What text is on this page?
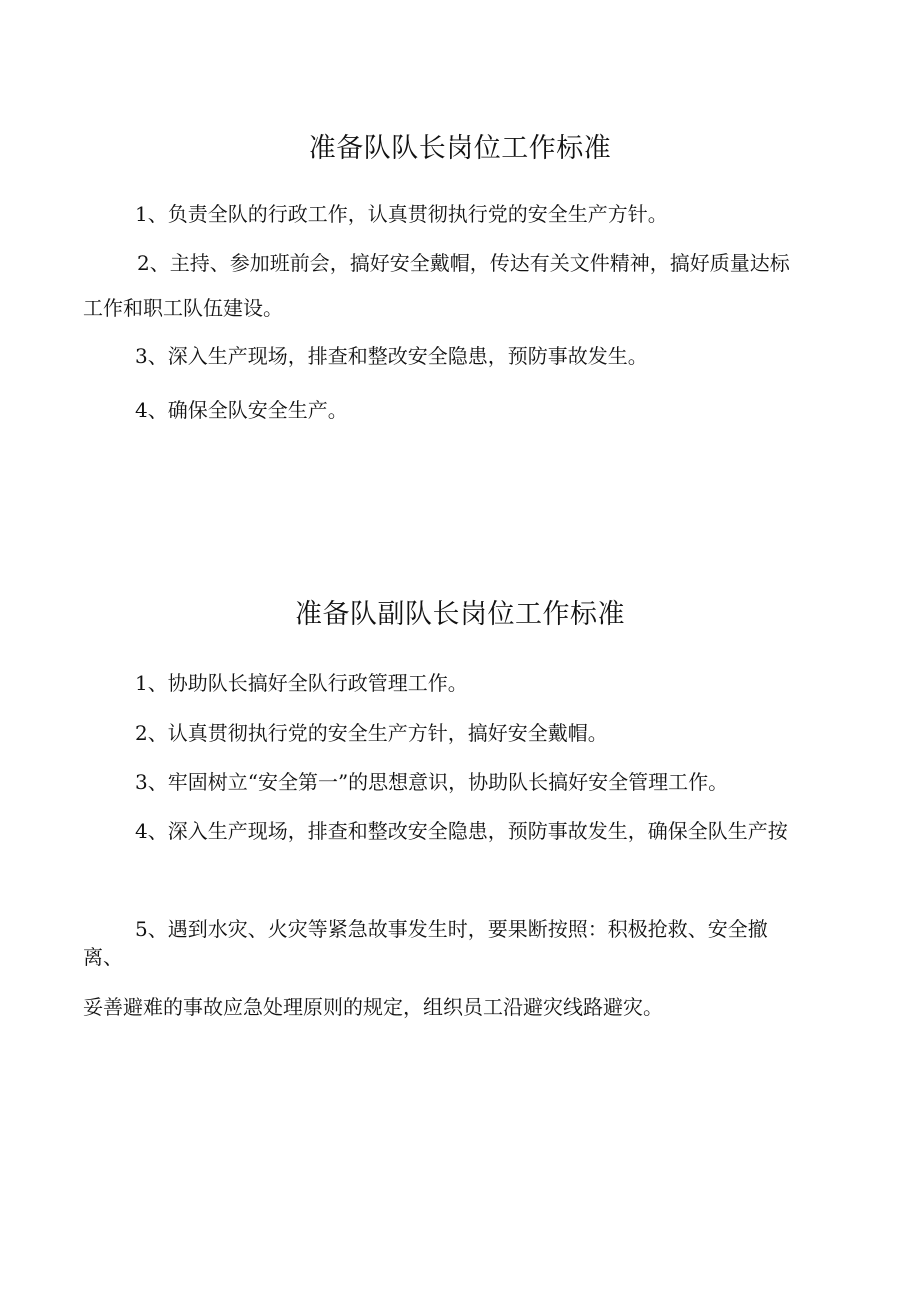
准备队队长岗位工作标准
1、负责全队的行政工作，认真贯彻执行党的安全生产方针。
2、主持、参加班前会，搞好安全戴帽，传达有关文件精神，搞好质量达标
工作和职工队伍建设。
3、深入生产现场，排查和整改安全隐患，预防事故发生。
4、确保全队安全生产。
准备队副队长岗位工作标准
1、协助队长搞好全队行政管理工作。
2、认真贯彻执行党的安全生产方针，搞好安全戴帽。
3、牢固树立“安全第一”的思想意识，协助队长搞好安全管理工作。
4、深入生产现场，排查和整改安全隐患，预防事故发生，确保全队生产按
5、遇到水灾、火灾等紧急故事发生时，要果断按照：积极抢救、安全撤
离、
妥善避难的事故应急处理原则的规定，组织员工沿避灾线路避灾。
